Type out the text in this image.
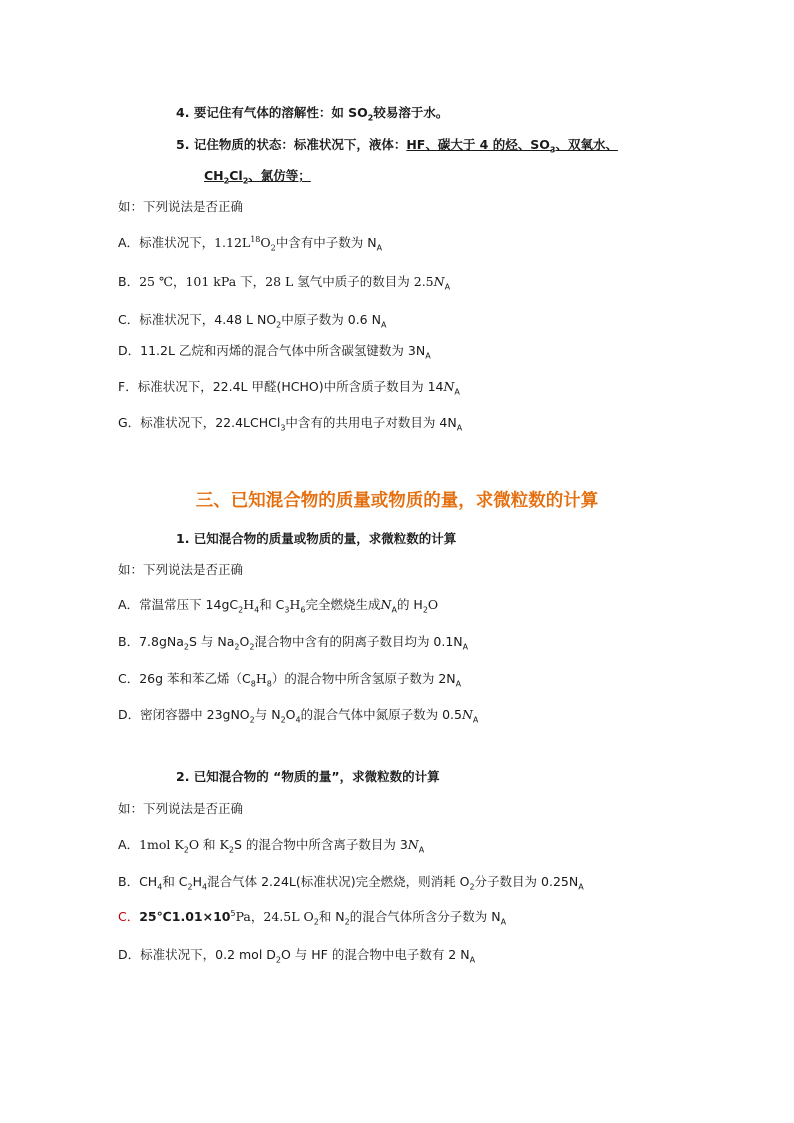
4. 要记住有气体的溶解性：如 $SO_2$较易溶于水。
5. 记住物质的状态：标准状况下，液体：HF、碳大于 4 的烃、$SO_3$、双氧水、
$CH_2Cl_2$、氯仿等；
如：下列说法是否正确
A．标准状况下，$1.12L^{18}O_2$中含有中子数为 $N_A$
B．25 ℃，101 kPa 下，28 L 氢气中质子的数目为 $2.5N_A$
C．标准状况下，4.48 L $NO_2$中原子数为 0.6 $N_A$
D．11.2L 乙烷和丙烯的混合气体中所含碳氢键数为 $3N_A$
F．标准状况下，22.4L 甲醛(HCHO)中所含质子数目为 $14N_A$
G．标准状况下，22.4LCHCl$_3$中含有的共用电子对数目为 $4N_A$
三、已知混合物的质量或物质的量，求微粒数的计算
1. 已知混合物的质量或物质的量，求微粒数的计算
如：下列说法是否正确
A．常温常压下 $14gC_2H_4$和 $C_3H_6$完全燃烧生成$N_A$的 $H_2O$
B．7.8gNa$_2$S 与 $Na_2O_2$混合物中含有的阴离子数目均为 $0.1N_A$
C．26g 苯和苯乙烯$(C_8H_8)$的混合物中所含氢原子数为 $2N_A$
D．密闭容器中 23gNO$_2$与 $N_2O_4$的混合气体中氮原子数为 $0.5N_A$
2. 已知混合物的 “物质的量”，求微粒数的计算
如：下列说法是否正确
A．1mol $K_2O$ 和 $K_2S$ 的混合物中所含离子数目为 $3N_A$
B．$CH_4$和 $C_2H_4$混合气体 2.24L(标准状况)完全燃烧，则消耗 $O_2$分子数目为 $0.25N_A$
C．$25℃1.01\times 10^5Pa$，24.5L $O_2$和 $N_2$的混合气体所含分子数为 $N_A$
D．标准状况下，0.2 mol $D_2O$ 与 HF 的混合物中电子数有 2 $N_A$
